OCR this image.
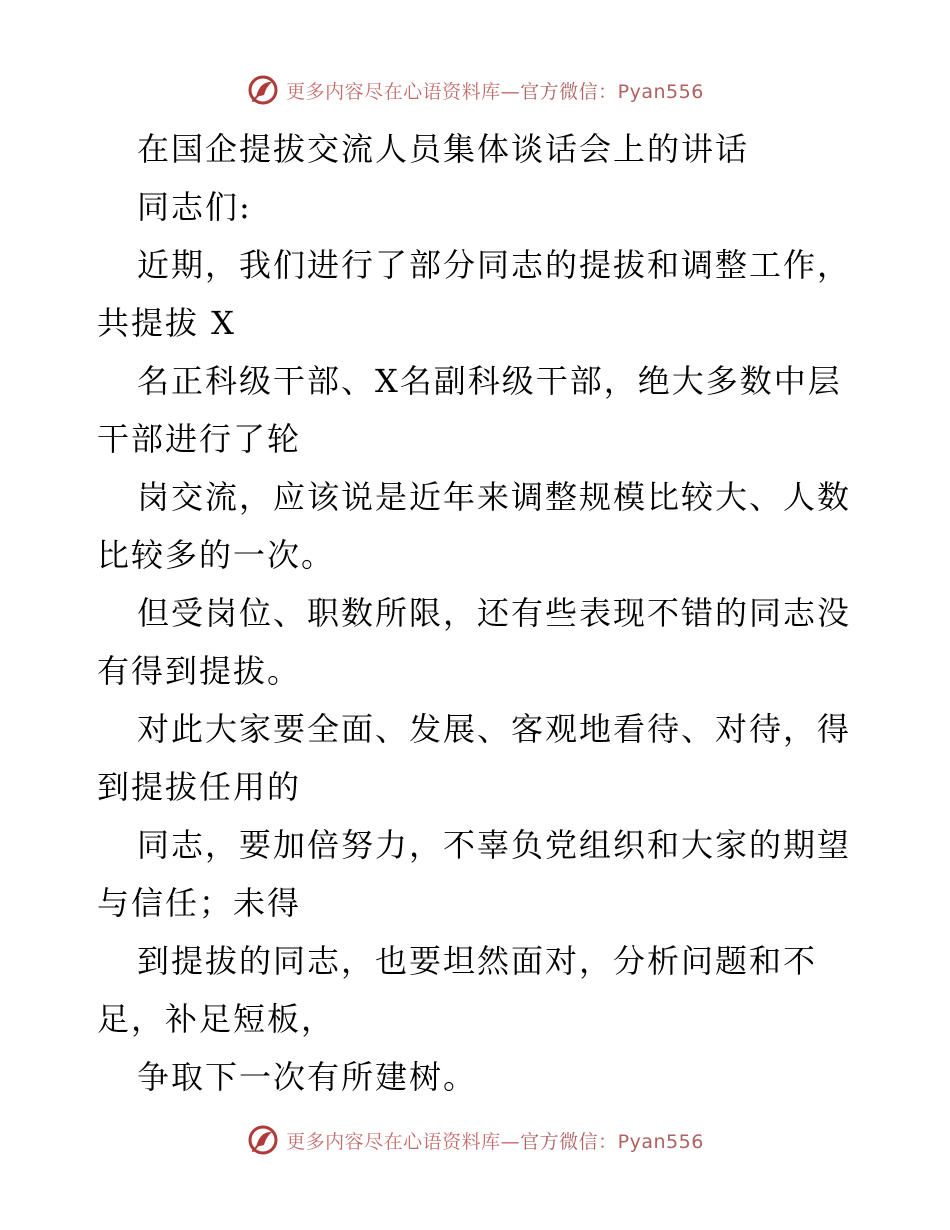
更多内容尽在心语资料库—官方微信：Pyan556

在国企提拔交流人员集体谈话会上的讲话

同志们:

近期，我们进行了部分同志的提拔和调整工作，共提拔 X

名正科级干部、X名副科级干部，绝大多数中层干部进行了轮

岗交流，应该说是近年来调整规模比较大、人数比较多的一次。

但受岗位、职数所限，还有些表现不错的同志没有得到提拔。

对此大家要全面、发展、客观地看待、对待，得到提拔任用的

同志，要加倍努力，不辜负党组织和大家的期望与信任；未得

到提拔的同志，也要坦然面对，分析问题和不足，补足短板，

争取下一次有所建树。

更多内容尽在心语资料库—官方微信：Pyan556
